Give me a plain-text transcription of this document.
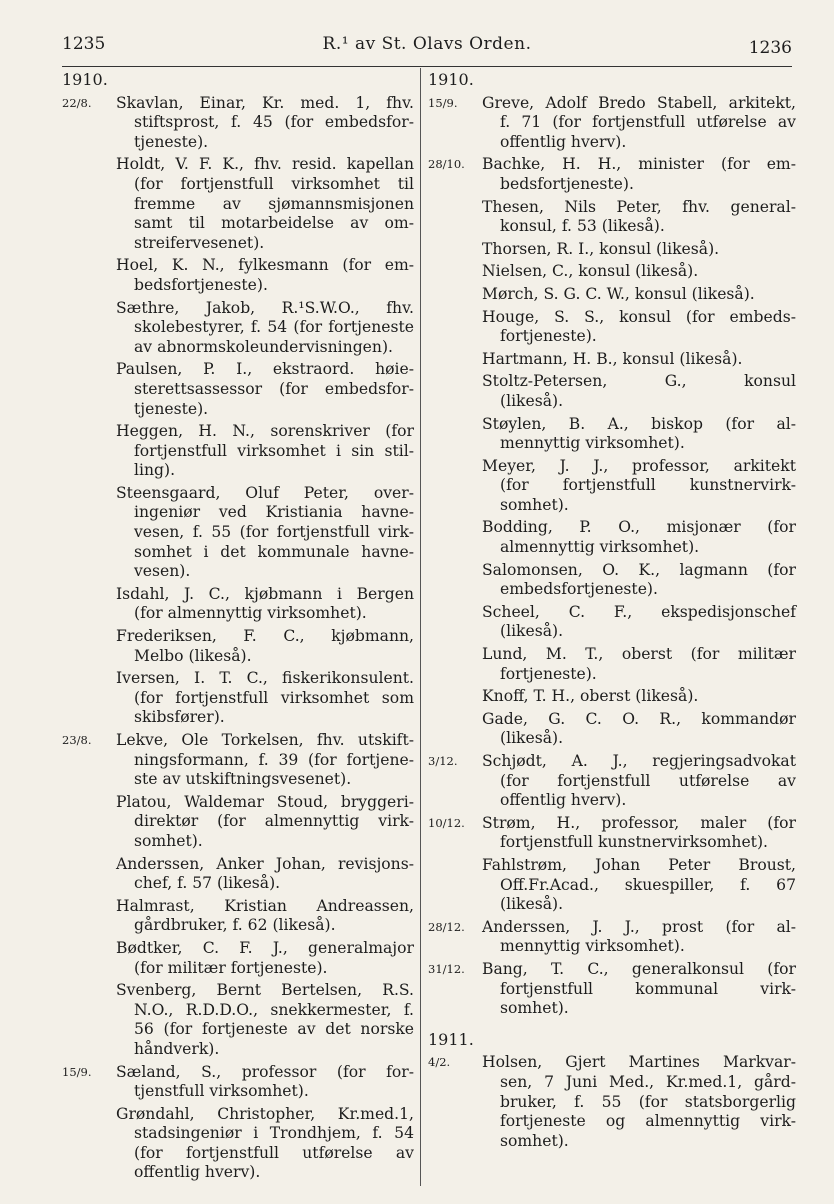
1235	R.¹ av St. Olavs Orden.	1236
1910.
22/8. Skavlan, Einar, Kr. med. 1, fhv.
stiftsprost, f. 45 (for embedsfor-
tjeneste).
Holdt, V. F. K., fhv. resid. kapellan
(for fortjenstfull virksomhet til
fremme av sjømannsmisjonen
samt til motarbeidelse av om-
streifervesenet).
Hoel, K. N., fylkesmann (for em-
bedsfortjeneste).
Sæthre, Jakob, R.¹S.W.O., fhv.
skolebestyrer, f. 54 (for fortjeneste
av abnormskoleundervisningen).
Paulsen, P. I., ekstraord. høie-
sterettsassessor (for embedsfor-
tjeneste).
Heggen, H. N., sorenskriver (for
fortjenstfull virksomhet i sin stil-
ling).
Steensgaard, Oluf Peter, over-
ingeniør ved Kristiania havne-
vesen, f. 55 (for fortjenstfull virk-
somhet i det kommunale havne-
vesen).
Isdahl, J. C., kjøbmann i Bergen
(for almennyttig virksomhet).
Frederiksen, F. C., kjøbmann,
Melbo (likeså).
Iversen, I. T. C., fiskerikonsulent.
(for fortjenstfull virksomhet som
skibsfører).
23/8. Lekve, Ole Torkelsen, fhv. utskift-
ningsformann, f. 39 (for fortjene-
ste av utskiftningsvesenet).
Platou, Waldemar Stoud, bryggeri-
direktør (for almennyttig virk-
somhet).
Anderssen, Anker Johan, revisjons-
chef, f. 57 (likeså).
Halmrast, Kristian Andreassen,
gårdbruker, f. 62 (likeså).
Bødtker, C. F. J., generalmajor
(for militær fortjeneste).
Svenberg, Bernt Bertelsen, R.S.
N.O., R.D.D.O., snekkermester, f.
56 (for fortjeneste av det norske
håndverk).
15/9. Sæland, S., professor (for for-
tjenstfull virksomhet).
Grøndahl, Christopher, Kr.med.1,
stadsingeniør i Trondhjem, f. 54
(for fortjenstfull utførelse av
offentlig hverv).
1910.
15/9. Greve, Adolf Bredo Stabell, arkitekt,
f. 71 (for fortjenstfull utførelse av
offentlig hverv).
28/10. Bachke, H. H., minister (for em-
bedsfortjeneste).
Thesen, Nils Peter, fhv. general-
konsul, f. 53 (likeså).
Thorsen, R. I., konsul (likeså).
Nielsen, C., konsul (likeså).
Mørch, S. G. C. W., konsul (likeså).
Houge, S. S., konsul (for embeds-
fortjeneste).
Hartmann, H. B., konsul (likeså).
Stoltz-Petersen, G., konsul
(likeså).
Støylen, B. A., biskop (for al-
mennyttig virksomhet).
Meyer, J. J., professor, arkitekt
(for fortjenstfull kunstnervirk-
somhet).
Bodding, P. O., misjonær (for
almennyttig virksomhet).
Salomonsen, O. K., lagmann (for
embedsfortjeneste).
Scheel, C. F., ekspedisjonschef
(likeså).
Lund, M. T., oberst (for militær
fortjeneste).
Knoff, T. H., oberst (likeså).
Gade, G. C. O. R., kommandør
(likeså).
3/12. Schjødt, A. J., regjeringsadvokat
(for fortjenstfull utførelse av
offentlig hverv).
10/12. Strøm, H., professor, maler (for
fortjenstfull kunstnervirksomhet).
Fahlstrøm, Johan Peter Broust,
Off.Fr.Acad., skuespiller, f. 67
(likeså).
28/12. Anderssen, J. J., prost (for al-
mennyttig virksomhet).
31/12. Bang, T. C., generalkonsul (for
fortjenstfull kommunal virk-
somhet).
1911.
4/2. Holsen, Gjert Martines Markvar-
sen, 7 Juni Med., Kr.med.1, gård-
bruker, f. 55 (for statsborgerlig
fortjeneste og almennyttig virk-
somhet).
